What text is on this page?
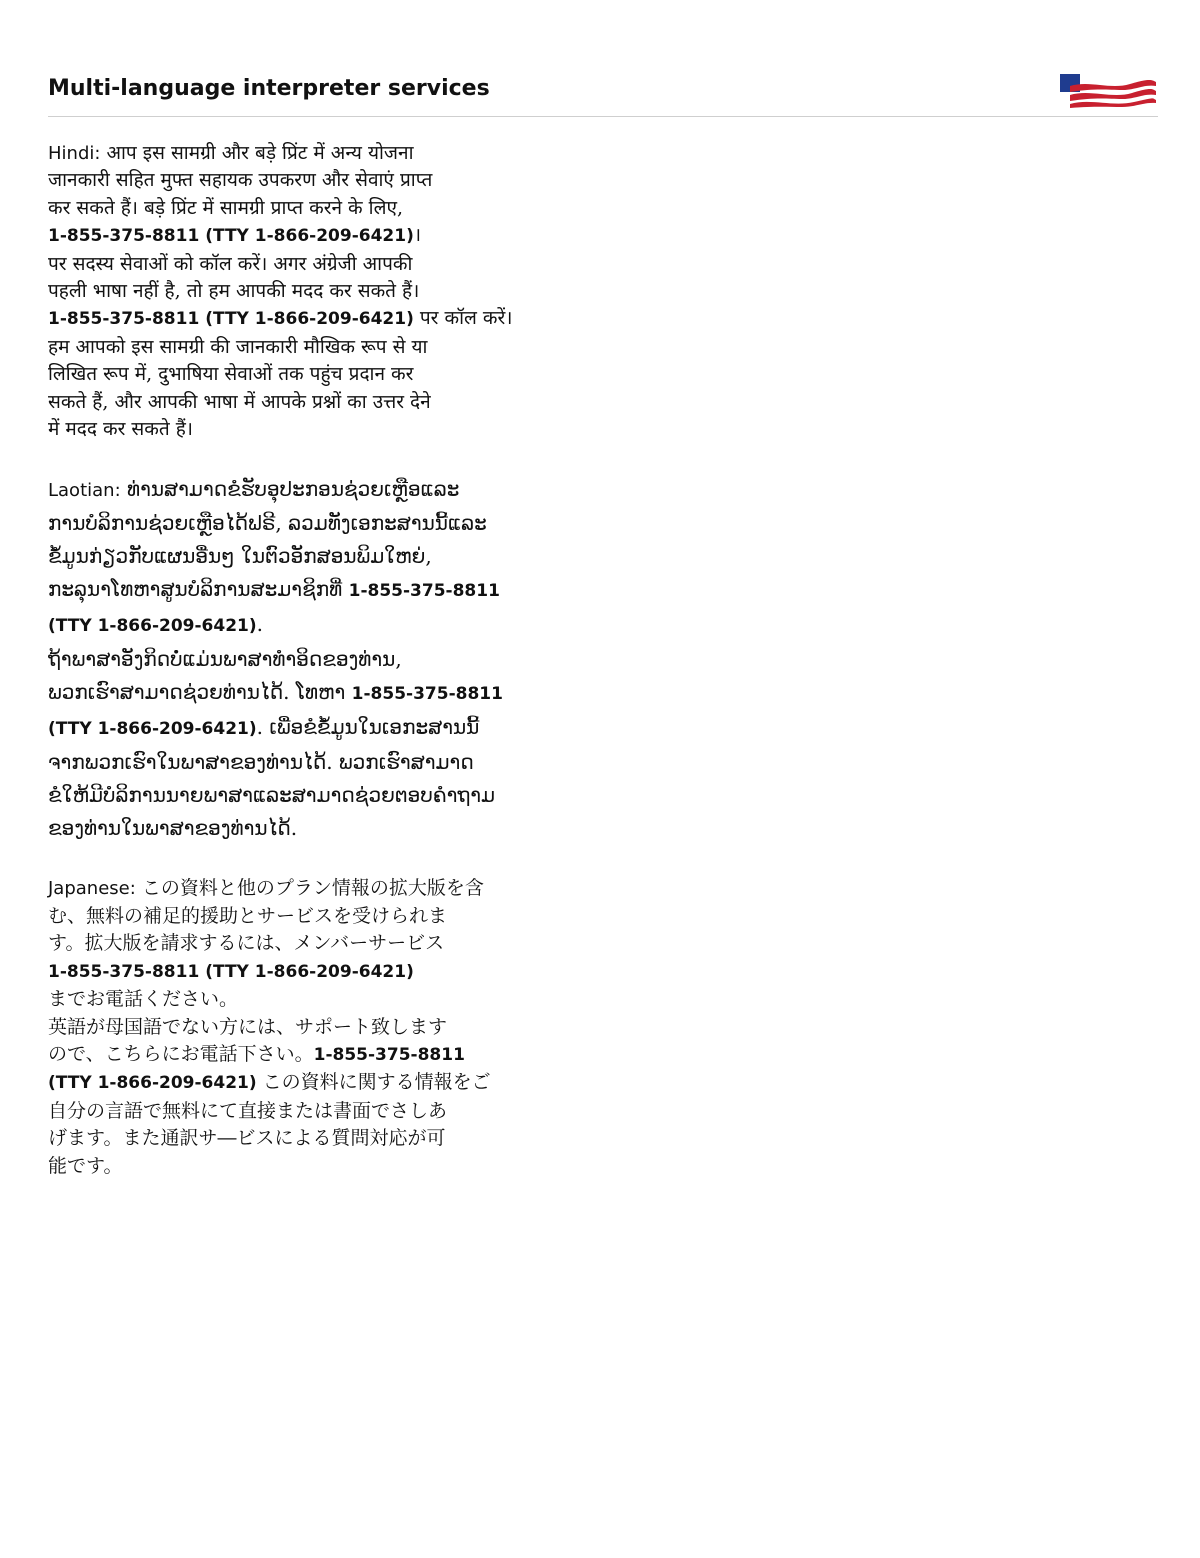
Multi-language interpreter services
Hindi: आप इस सामग्री और बड़े प्रिंट में अन्य योजना
जानकारी सहित मुफ्त सहायक उपकरण और सेवाएं प्राप्त
कर सकते हैं। बड़े प्रिंट में सामग्री प्राप्त करने के लिए,
1-855-375-8811 (TTY 1-866-209-6421)।
पर सदस्य सेवाओं को कॉल करें। अगर अंग्रेजी आपकी
पहली भाषा नहीं है, तो हम आपकी मदद कर सकते हैं।
1-855-375-8811 (TTY 1-866-209-6421) पर कॉल करें।
हम आपको इस सामग्री की जानकारी मौखिक रूप से या
लिखित रूप में, दुभाषिया सेवाओं तक पहुंच प्रदान कर
सकते हैं, और आपकी भाषा में आपके प्रश्नों का उत्तर देने
में मदद कर सकते हैं।
Laotian: ທ່ານສາມາດຂໍຮັບອຸປະກອນຊ່ວຍເຫຼືອແລະ
ການບໍລິການຊ່ວຍເຫຼືອໄດ້ຟຣີ, ລວມທັງເອກະສານນີ້ແລະ
ຂໍ້ມູນກ່ຽວກັບແຜນອື່ນໆ ໃນຕົວອັກສອນພິມໃຫຍ່,
ກະລຸນາໂທຫາສູນບໍລິການສະມາຊິກທີ່ 1-855-375-8811
(TTY 1-866-209-6421).
ຖ້າພາສາອັງກິດບໍ່ແມ່ນພາສາທຳອິດຂອງທ່ານ,
ພວກເຮົາສາມາດຊ່ວຍທ່ານໄດ້. ໂທຫາ 1-855-375-8811
(TTY 1-866-209-6421). ເພື່ອຂໍຂໍ້ມູນໃນເອກະສານນີ້
ຈາກພວກເຮົາໃນພາສາຂອງທ່ານໄດ້. ພວກເຮົາສາມາດ
ຂໍໃຫ້ມີບໍລິການນາຍພາສາແລະສາມາດຊ່ວຍຕອບຄຳຖາມ
ຂອງທ່ານໃນພາສາຂອງທ່ານໄດ້.
Japanese: この資料と他のプラン情報の拡大版を含
む、無料の補足的援助とサービスを受けられま
す。拡大版を請求するには、メンバーサービス
1-855-375-8811 (TTY 1-866-209-6421)
までお電話ください。
英語が母国語でない方には、サポート致します
ので、こちらにお電話下さい。1-855-375-8811
(TTY 1-866-209-6421) この資料に関する情報をご
自分の言語で無料にて直接または書面でさしあ
げます。また通訳サ―ビスによる質問対応が可
能です。
